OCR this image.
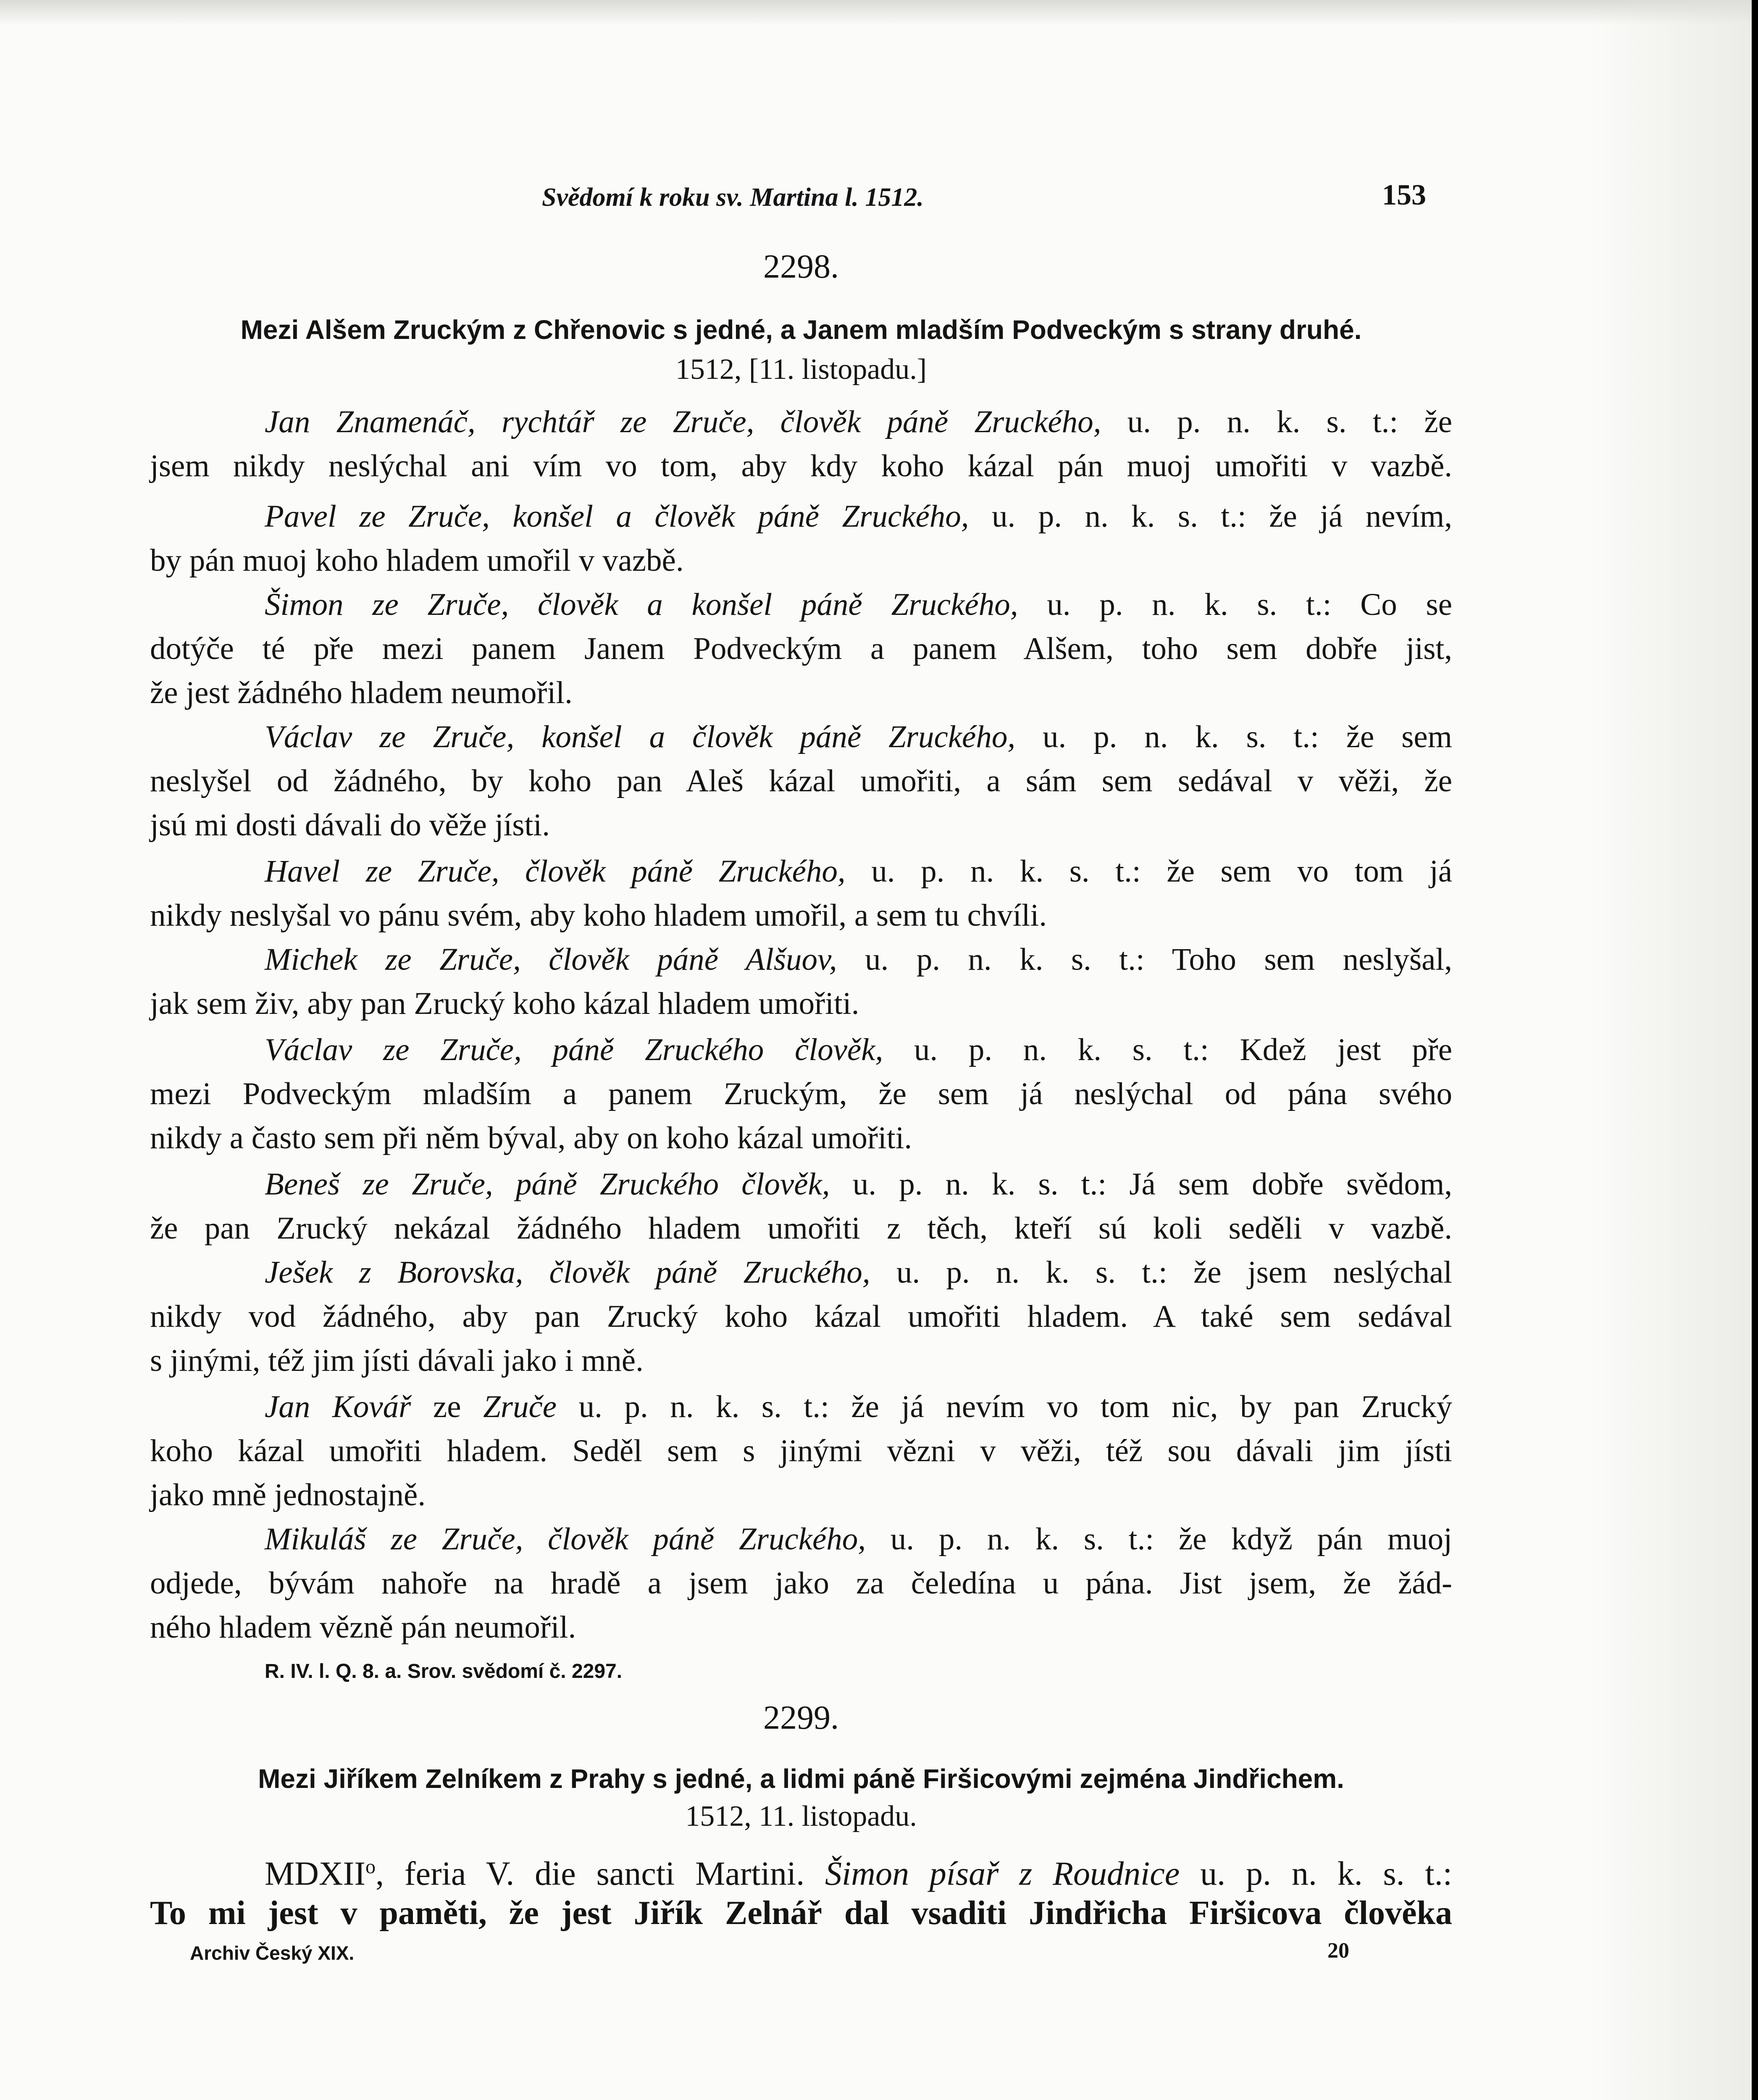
Svědomí k roku sv. Martina l. 1512.	153
2298.
Mezi Alšem Zruckým z Chřenovic s jedné, a Janem mladším Podveckým s strany druhé.
1512, [11. listopadu.]
Jan Znamenáč, rychtář ze Zruče, člověk páně Zruckého, u. p. n. k. s. t.: že
jsem nikdy neslýchal ani vím vo tom, aby kdy koho kázal pán muoj umořiti v vazbě.
Pavel ze Zruče, konšel a člověk páně Zruckého, u. p. n. k. s. t.: že já nevím,
by pán muoj koho hladem umořil v vazbě.
Šimon ze Zruče, člověk a konšel páně Zruckého, u. p. n. k. s. t.: Co se
dotýče té pře mezi panem Janem Podveckým a panem Alšem, toho sem dobře jist,
že jest žádného hladem neumořil.
Václav ze Zruče, konšel a člověk páně Zruckého, u. p. n. k. s. t.: že sem
neslyšel od žádného, by koho pan Aleš kázal umořiti, a sám sem sedával v věži, že
jsú mi dosti dávali do věže jísti.
Havel ze Zruče, člověk páně Zruckého, u. p. n. k. s. t.: že sem vo tom já
nikdy neslyšal vo pánu svém, aby koho hladem umořil, a sem tu chvíli.
Michek ze Zruče, člověk páně Alšuov, u. p. n. k. s. t.: Toho sem neslyšal,
jak sem živ, aby pan Zrucký koho kázal hladem umořiti.
Václav ze Zruče, páně Zruckého člověk, u. p. n. k. s. t.: Kdež jest pře
mezi Podveckým mladším a panem Zruckým, že sem já neslýchal od pána svého
nikdy a často sem při něm býval, aby on koho kázal umořiti.
Beneš ze Zruče, páně Zruckého člověk, u. p. n. k. s. t.: Já sem dobře svědom,
že pan Zrucký nekázal žádného hladem umořiti z těch, kteří sú koli seděli v vazbě.
Ješek z Borovska, člověk páně Zruckého, u. p. n. k. s. t.: že jsem neslýchal
nikdy vod žádného, aby pan Zrucký koho kázal umořiti hladem. A také sem sedával
s jinými, též jim jísti dávali jako i mně.
Jan Kovář ze Zruče u. p. n. k. s. t.: že já nevím vo tom nic, by pan Zrucký
koho kázal umořiti hladem. Seděl sem s jinými vězni v věži, též sou dávali jim jísti
jako mně jednostajně.
Mikuláš ze Zruče, člověk páně Zruckého, u. p. n. k. s. t.: že když pán muoj
odjede, bývám nahoře na hradě a jsem jako za čeledína u pána. Jist jsem, že žád-
ného hladem vězně pán neumořil.
R. IV. l. Q. 8. a. Srov. svědomí č. 2297.
2299.
Mezi Jiříkem Zelníkem z Prahy s jedné, a lidmi páně Firšicovými zejména Jindřichem.
1512, 11. listopadu.
MDXII$^o$, feria V. die sancti Martini. Šimon písař z Roudnice u. p. n. k. s. t.:
To mi jest v paměti, že jest Jiřík Zelnář dal vsaditi Jindřicha Firšicova člověka
Archiv Český XIX.	20
